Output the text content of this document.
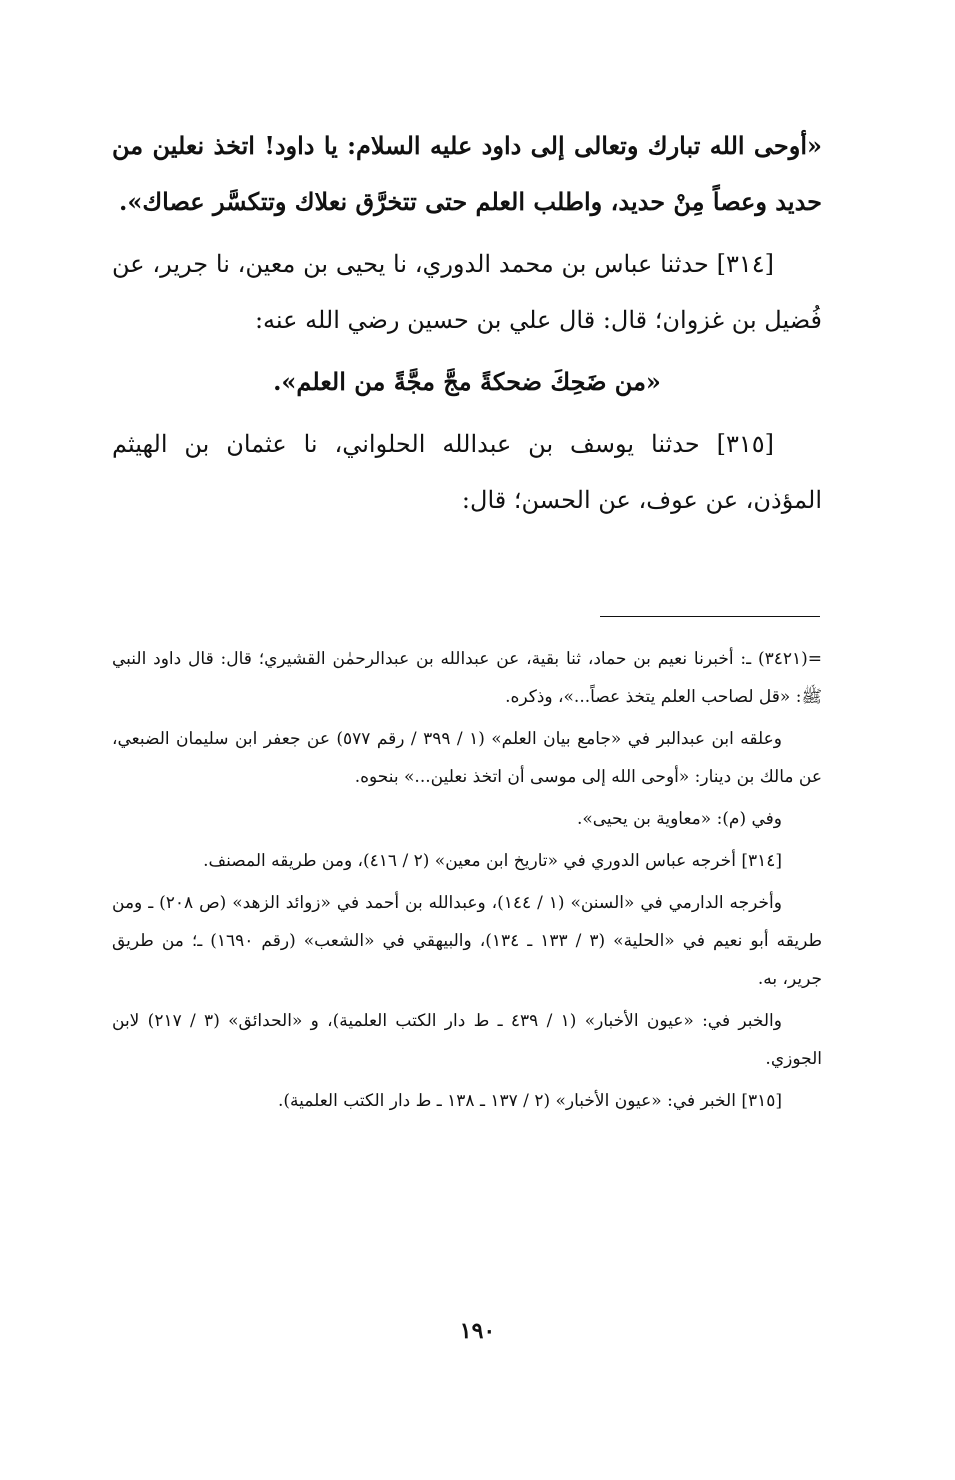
«أوحى الله تبارك وتعالى إلى داود عليه السلام: يا داود! اتخذ نعلين من حديد وعصاً مِنْ حديد، واطلب العلم حتى تتخرَّق نعلاك وتتكسَّر عصاك».

[٣١٤] حدثنا عباس بن محمد الدوري، نا يحيى بن معين، نا جرير، عن فُضيل بن غزوان؛ قال: قال علي بن حسين رضي الله عنه:

«من ضَحِكَ ضحكةً مجَّ مجَّةً من العلم».

[٣١٥] حدثنا يوسف بن عبدالله الحلواني، نا عثمان بن الهيثم المؤذن، عن عوف، عن الحسن؛ قال:

=(٣٤٢١) ـ: أخبرنا نعيم بن حماد، ثنا بقية، عن عبدالله بن عبدالرحمٰن القشيري؛ قال: قال داود النبي ﷺ: «قل لصاحب العلم يتخذ عصاً...»، وذكره.

وعلقه ابن عبدالبر في «جامع بيان العلم» (١ / ٣٩٩ / رقم ٥٧٧) عن جعفر ابن سليمان الضبعي، عن مالك بن دينار: «أوحى الله إلى موسى أن اتخذ نعلين...» بنحوه.

وفي (م): «معاوية بن يحيى».

[٣١٤] أخرجه عباس الدوري في «تاريخ ابن معين» (٢ / ٤١٦)، ومن طريقه المصنف.

وأخرجه الدارمي في «السنن» (١ / ١٤٤)، وعبدالله بن أحمد في «زوائد الزهد» (ص ٢٠٨) ـ ومن طريقه أبو نعيم في «الحلية» (٣ / ١٣٣ ـ ١٣٤)، والبيهقي في «الشعب» (رقم ١٦٩٠) ـ؛ من طريق جرير، به.

والخبر في: «عيون الأخبار» (١ / ٤٣٩ ـ ط دار الكتب العلمية)، و «الحدائق» (٣ / ٢١٧) لابن الجوزي.

[٣١٥] الخبر في: «عيون الأخبار» (٢ / ١٣٧ ـ ١٣٨ ـ ط دار الكتب العلمية).

١٩٠
